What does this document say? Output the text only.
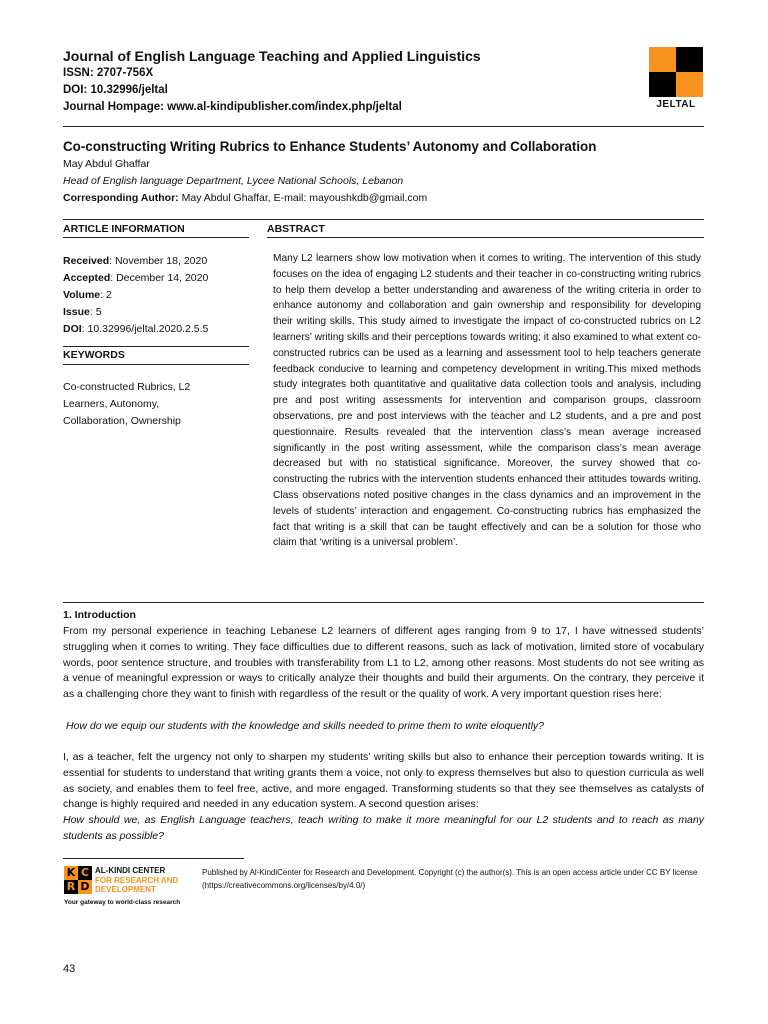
Journal of English Language Teaching and Applied Linguistics
ISSN: 2707-756X
DOI: 10.32996/jeltal
Journal Hompage: www.al-kindipublisher.com/index.php/jeltal	JELTAL
Co-constructing Writing Rubrics to Enhance Students’ Autonomy and Collaboration
May Abdul Ghaffar
Head of English language Department, Lycee National Schools, Lebanon
Corresponding Author: May Abdul Ghaffar, E-mail: mayoushkdb@gmail.com
ARTICLE INFORMATION	ABSTRACT
Received: November 18, 2020
Accepted: December 14, 2020
Volume: 2
Issue: 5
DOI: 10.32996/jeltal.2020.2.5.5
KEYWORDS
Co-constructed Rubrics, L2 Learners, Autonomy, Collaboration, Ownership
Many L2 learners show low motivation when it comes to writing. The intervention of this study focuses on the idea of engaging L2 students and their teacher in co-constructing writing rubrics to help them develop a better understanding and awareness of the writing criteria in order to enhance autonomy and collaboration and gain ownership and responsibility for developing their writing skills. This study aimed to investigate the impact of co-constructed rubrics on L2 learners’ writing skills and their perceptions towards writing; it also examined to what extent co-constructed rubrics can be used as a learning and assessment tool to help teachers generate feedback conducive to learning and competency development in writing.This mixed methods study integrates both quantitative and qualitative data collection tools and analysis, including pre and post writing assessments for intervention and comparison groups, classroom observations, pre and post interviews with the teacher and L2 students, and a pre and post questionnaire. Results revealed that the intervention class’s mean average increased significantly in the post writing assessment, while the comparison class’s mean average decreased but with no statistical significance. Moreover, the survey showed that co-constructing the rubrics with the intervention students enhanced their attitudes towards writing. Class observations noted positive changes in the class dynamics and an improvement in the levels of students’ interaction and engagement. Co-constructing rubrics has emphasized the fact that writing is a skill that can be taught effectively and can be a solution for those who claim that ‘writing is a universal problem’.
1. Introduction
From my personal experience in teaching Lebanese L2 learners of different ages ranging from 9 to 17, I have witnessed students’ struggling when it comes to writing. They face difficulties due to different reasons, such as lack of motivation, limited store of vocabulary words, poor sentence structure, and troubles with transferability from L1 to L2, among other reasons. Most students do not see writing as a venue of meaningful expression or ways to critically analyze their thoughts and build their arguments. On the contrary, they perceive it as a challenging chore they want to finish with regardless of the result or the quality of work. A very important question rises here:
How do we equip our students with the knowledge and skills needed to prime them to write eloquently?
I, as a teacher, felt the urgency not only to sharpen my students’ writing skills but also to enhance their perception towards writing. It is essential for students to understand that writing grants them a voice, not only to express themselves but also to question curricula as well as society, and enables them to feel free, active, and more engaged. Transforming students so that they see themselves as catalysts of change is highly required and needed in any education system. A second question arises:
How should we, as English Language teachers, teach writing to make it more meaningful for our L2 students and to reach as many students as possible?
K C
R D
AL-KINDI CENTER
FOR RESEARCH AND
DEVELOPMENT
Your gateway to world-class research
Published by Al-KindiCenter for Research and Development. Copyright (c) the author(s). This is an open access article under CC BY license (https://creativecommons.org/licenses/by/4.0/)
43
